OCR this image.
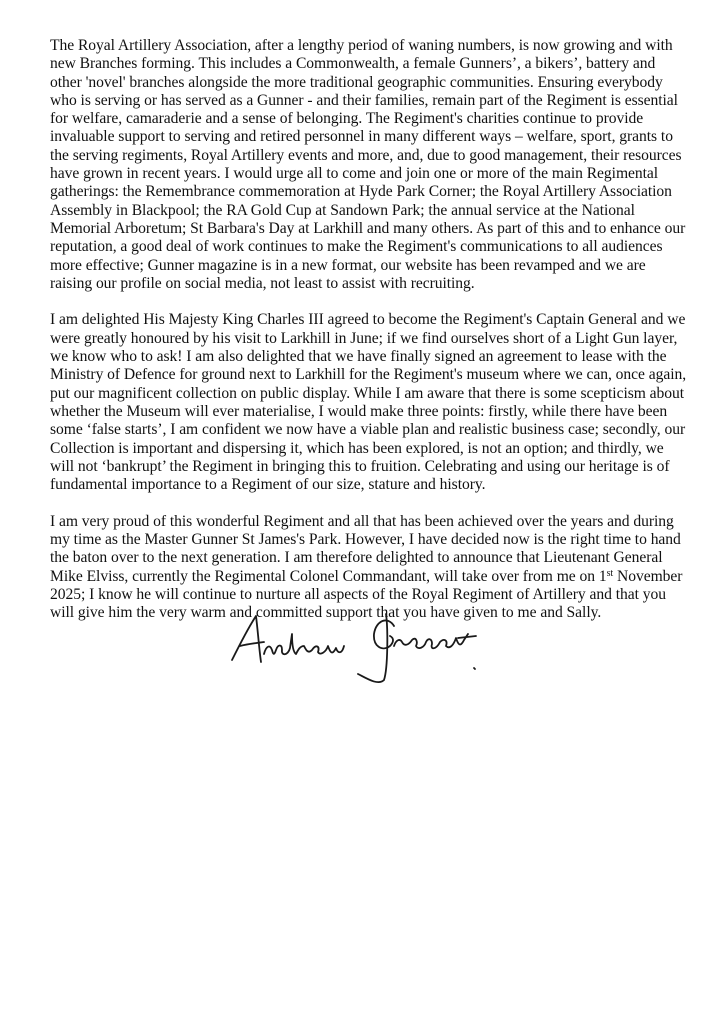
The Royal Artillery Association, after a lengthy period of waning numbers, is now growing and with new Branches forming. This includes a Commonwealth, a female Gunners’, a bikers’, battery and other 'novel' branches alongside the more traditional geographic communities. Ensuring everybody who is serving or has served as a Gunner - and their families, remain part of the Regiment is essential for welfare, camaraderie and a sense of belonging. The Regiment's charities continue to provide invaluable support to serving and retired personnel in many different ways – welfare, sport, grants to the serving regiments, Royal Artillery events and more, and, due to good management, their resources have grown in recent years. I would urge all to come and join one or more of the main Regimental gatherings: the Remembrance commemoration at Hyde Park Corner; the Royal Artillery Association Assembly in Blackpool; the RA Gold Cup at Sandown Park; the annual service at the National Memorial Arboretum; St Barbara's Day at Larkhill and many others. As part of this and to enhance our reputation, a good deal of work continues to make the Regiment's communications to all audiences more effective; Gunner magazine is in a new format, our website has been revamped and we are raising our profile on social media, not least to assist with recruiting.

I am delighted His Majesty King Charles III agreed to become the Regiment's Captain General and we were greatly honoured by his visit to Larkhill in June; if we find ourselves short of a Light Gun layer, we know who to ask! I am also delighted that we have finally signed an agreement to lease with the Ministry of Defence for ground next to Larkhill for the Regiment's museum where we can, once again, put our magnificent collection on public display. While I am aware that there is some scepticism about whether the Museum will ever materialise, I would make three points: firstly, while there have been some ‘false starts’, I am confident we now have a viable plan and realistic business case; secondly, our Collection is important and dispersing it, which has been explored, is not an option; and thirdly, we will not ‘bankrupt’ the Regiment in bringing this to fruition. Celebrating and using our heritage is of fundamental importance to a Regiment of our size, stature and history.

I am very proud of this wonderful Regiment and all that has been achieved over the years and during my time as the Master Gunner St James's Park. However, I have decided now is the right time to hand the baton over to the next generation. I am therefore delighted to announce that Lieutenant General Mike Elviss, currently the Regimental Colonel Commandant, will take over from me on 1st November 2025; I know he will continue to nurture all aspects of the Royal Regiment of Artillery and that you will give him the very warm and committed support that you have given to me and Sally.
